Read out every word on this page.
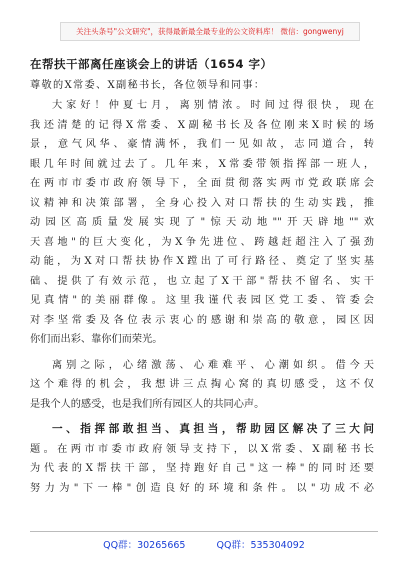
关注头条号"公文研究"，获得最新最全最专业的公文资料库！ 微信：gongwenyj
在帮扶干部离任座谈会上的讲话（1654 字）
尊敬的X常委、X副秘书长，各位领导和同事：
大家好！仲夏七月，离别情浓。时间过得很快，现在
我还清楚的记得X常委、X副秘书长及各位刚来X时候的场
景，意气风华、豪情满怀，我们一见如故，志同道合，转
眼几年时间就过去了。几年来，X常委带领指挥部一班人，
在两市市委市政府领导下，全面贯彻落实两市党政联席会
议精神和决策部署，全身心投入对口帮扶的生动实践，推
动园区高质量发展实现了"惊天动地""开天辟地""欢
天喜地"的巨大变化，为X争先进位、跨越赶超注入了强劲
动能，为X对口帮扶协作X蹚出了可行路径、奠定了坚实基
础、提供了有效示范，也立起了X干部"帮扶不留名、实干
见真情"的美丽群像。这里我谨代表园区党工委、管委会
对李坚常委及各位表示衷心的感谢和崇高的敬意，园区因
你们而出彩、靠你们而荣光。
离别之际，心绪激荡、心难难平、心潮如织。借今天
这个难得的机会，我想讲三点掏心窝的真切感受，这不仅
是我个人的感受，也是我们所有园区人的共同心声。
一、指挥部敢担当、真担当，帮助园区解决了三大问
题。在两市市委市政府领导支持下，以X常委、X副秘书长
为代表的X帮扶干部，坚持跑好自己"这一棒"的同时还要
努力为"下一棒"创造良好的环境和条件。以"功成不必
QQ群：30265665	QQ群：535304092
